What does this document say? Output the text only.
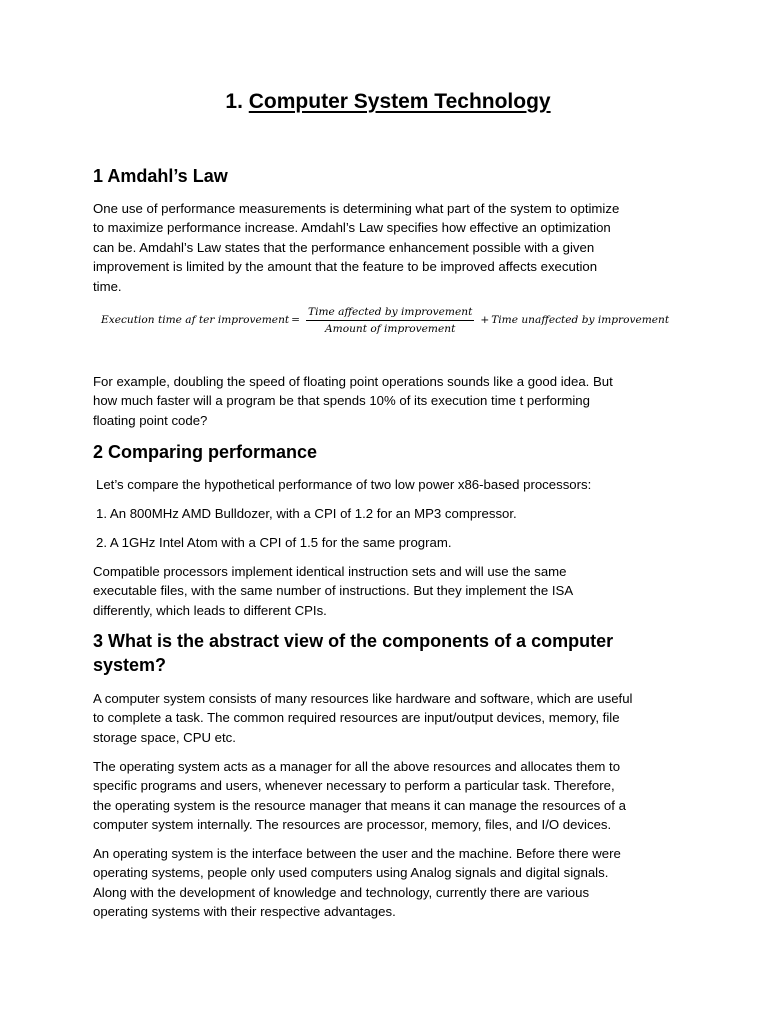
1. Computer System Technology
1 Amdahl’s Law
One use of performance measurements is determining what part of the system to optimize
to maximize performance increase. Amdahl’s Law specifies how effective an optimization
can be. Amdahl’s Law states that the performance enhancement possible with a given
improvement is limited by the amount that the feature to be improved affects execution
time.
Execution time af ter improvement = $\frac{\text{Time affected by improvement}}{\text{Amount of improvement}}$ + Time unaffected by improvement
For example, doubling the speed of floating point operations sounds like a good idea. But
how much faster will a program be that spends 10% of its execution time t performing
floating point code?
2 Comparing performance
Let’s compare the hypothetical performance of two low power x86-based processors:
1. An 800MHz AMD Bulldozer, with a CPI of 1.2 for an MP3 compressor.
2. A 1GHz Intel Atom with a CPI of 1.5 for the same program.
Compatible processors implement identical instruction sets and will use the same
executable files, with the same number of instructions. But they implement the ISA
differently, which leads to different CPIs.
3 What is the abstract view of the components of a computer
system?
A computer system consists of many resources like hardware and software, which are useful
to complete a task. The common required resources are input/output devices, memory, file
storage space, CPU etc.
The operating system acts as a manager for all the above resources and allocates them to
specific programs and users, whenever necessary to perform a particular task. Therefore,
the operating system is the resource manager that means it can manage the resources of a
computer system internally. The resources are processor, memory, files, and I/O devices.
An operating system is the interface between the user and the machine. Before there were
operating systems, people only used computers using Analog signals and digital signals.
Along with the development of knowledge and technology, currently there are various
operating systems with their respective advantages.
